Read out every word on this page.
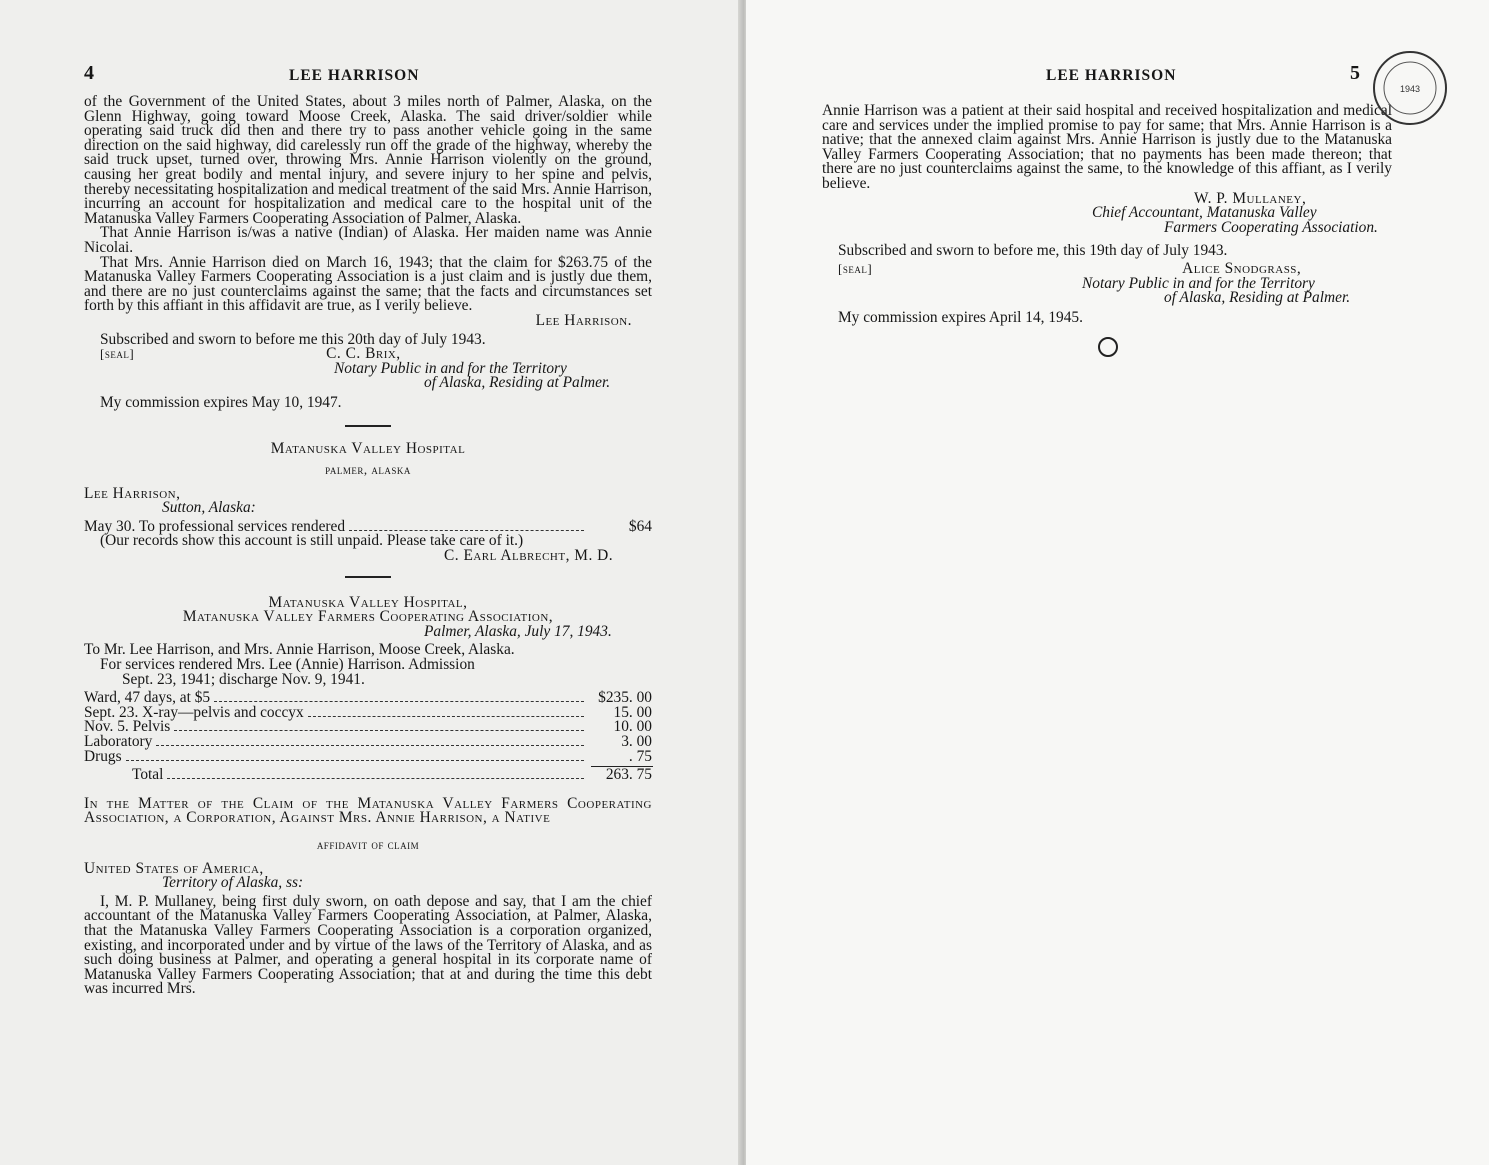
4	LEE HARRISON

of the Government of the United States, about 3 miles north of Palmer, Alaska, on the Glenn Highway, going toward Moose Creek, Alaska. The said driver/soldier while operating said truck did then and there try to pass another vehicle going in the same direction on the said highway, did carelessly run off the grade of the highway, whereby the said truck upset, turned over, throwing Mrs. Annie Harrison violently on the ground, causing her great bodily and mental injury, and severe injury to her spine and pelvis, thereby necessitating hospitalization and medical treatment of the said Mrs. Annie Harrison, incurring an account for hospitalization and medical care to the hospital unit of the Matanuska Valley Farmers Cooperating Association of Palmer, Alaska.

That Annie Harrison is/was a native (Indian) of Alaska. Her maiden name was Annie Nicolai.

That Mrs. Annie Harrison died on March 16, 1943; that the claim for $263.75 of the Matanuska Valley Farmers Cooperating Association is a just claim and is justly due them, and there are no just counterclaims against the same; that the facts and circumstances set forth by this affiant in this affidavit are true, as I verily believe.

Lee Harrison.

Subscribed and sworn to before me this 20th day of July 1943.

[seal]	C. C. Brix,

Notary Public in and for the Territory

of Alaska, Residing at Palmer.

My commission expires May 10, 1947.

Matanuska Valley Hospital

palmer, alaska

Lee Harrison,

Sutton, Alaska:

May 30. To professional services rendered	$64

(Our records show this account is still unpaid. Please take care of it.)

C. Earl Albrecht, M. D.

Matanuska Valley Hospital,

Matanuska Valley Farmers Cooperating Association,

Palmer, Alaska, July 17, 1943.

To Mr. Lee Harrison, and Mrs. Annie Harrison, Moose Creek, Alaska.

For services rendered Mrs. Lee (Annie) Harrison. Admission

Sept. 23, 1941; discharge Nov. 9, 1941.

Ward, 47 days, at $5	$235. 00
Sept. 23. X-ray—pelvis and coccyx	15. 00
Nov. 5. Pelvis	10. 00
Laboratory	3. 00
Drugs	. 75
Total	263. 75

In the Matter of the Claim of the Matanuska Valley Farmers Cooperating Association, a Corporation, Against Mrs. Annie Harrison, a Native

affidavit of claim

United States of America,

Territory of Alaska, ss:

I, M. P. Mullaney, being first duly sworn, on oath depose and say, that I am the chief accountant of the Matanuska Valley Farmers Cooperating Association, at Palmer, Alaska, that the Matanuska Valley Farmers Cooperating Association is a corporation organized, existing, and incorporated under and by virtue of the laws of the Territory of Alaska, and as such doing business at Palmer, and operating a general hospital in its corporate name of Matanuska Valley Farmers Cooperating Association; that at and during the time this debt was incurred Mrs.

LEE HARRISON	5

Annie Harrison was a patient at their said hospital and received hospitalization and medical care and services under the implied promise to pay for same; that Mrs. Annie Harrison is a native; that the annexed claim against Mrs. Annie Harrison is justly due to the Matanuska Valley Farmers Cooperating Association; that no payments has been made thereon; that there are no just counterclaims against the same, to the knowledge of this affiant, as I verily believe.

W. P. Mullaney,

Chief Accountant, Matanuska Valley

Farmers Cooperating Association.

Subscribed and sworn to before me, this 19th day of July 1943.

[seal]	Alice Snodgrass,

Notary Public in and for the Territory

of Alaska, Residing at Palmer.

My commission expires April 14, 1945.

1943
